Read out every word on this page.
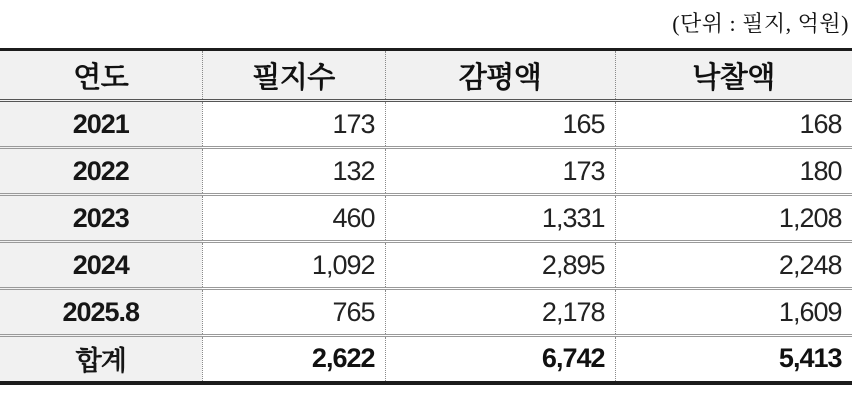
(단위 : 필지, 억원)
연도	필지수	감평액	낙찰액
2021	173	165	168
2022	132	173	180
2023	460	1,331	1,208
2024	1,092	2,895	2,248
2025.8	765	2,178	1,609
합계	2,622	6,742	5,413
